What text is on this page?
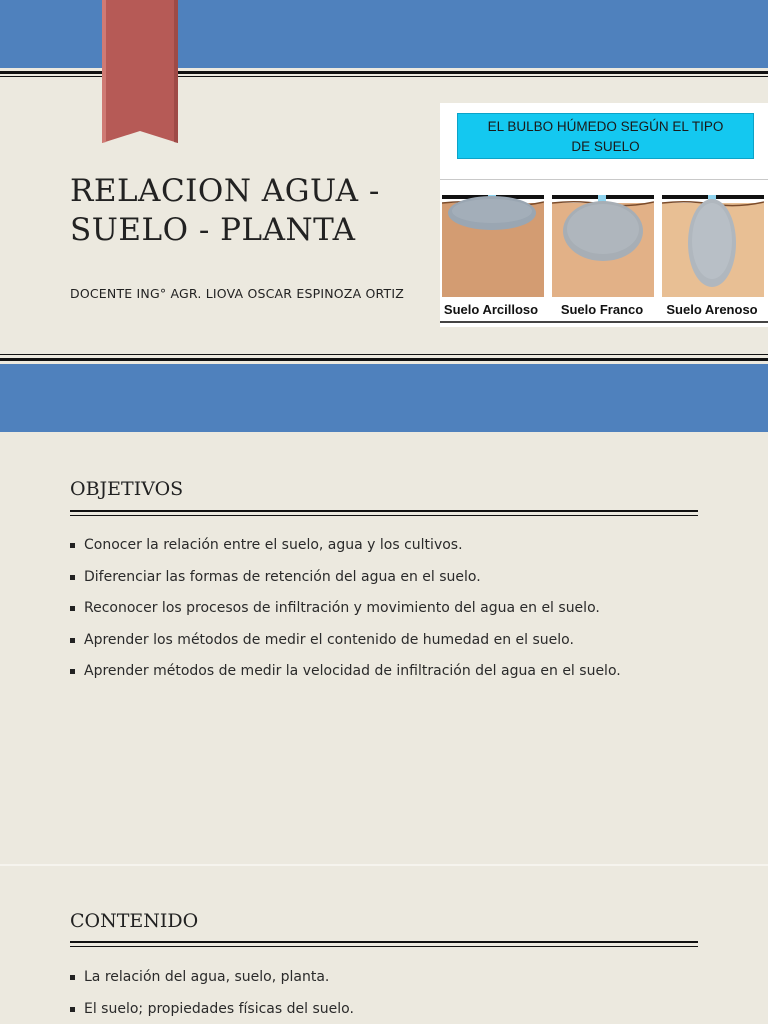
RELACION AGUA -
SUELO - PLANTA
DOCENTE ING° AGR. LIOVA OSCAR ESPINOZA ORTIZ
EL BULBO HÚMEDO SEGÚN EL TIPO
DE SUELO
Suelo Arcilloso	Suelo Franco	Suelo Arenoso
OBJETIVOS
Conocer la relación entre el suelo, agua y los cultivos.
Diferenciar las formas de retención del agua en el suelo.
Reconocer los procesos de infiltración y movimiento del agua en el suelo.
Aprender los métodos de medir el contenido de humedad en el suelo.
Aprender métodos de medir la velocidad de infiltración del agua en el suelo.
CONTENIDO
La relación del agua, suelo, planta.
El suelo; propiedades físicas del suelo.
